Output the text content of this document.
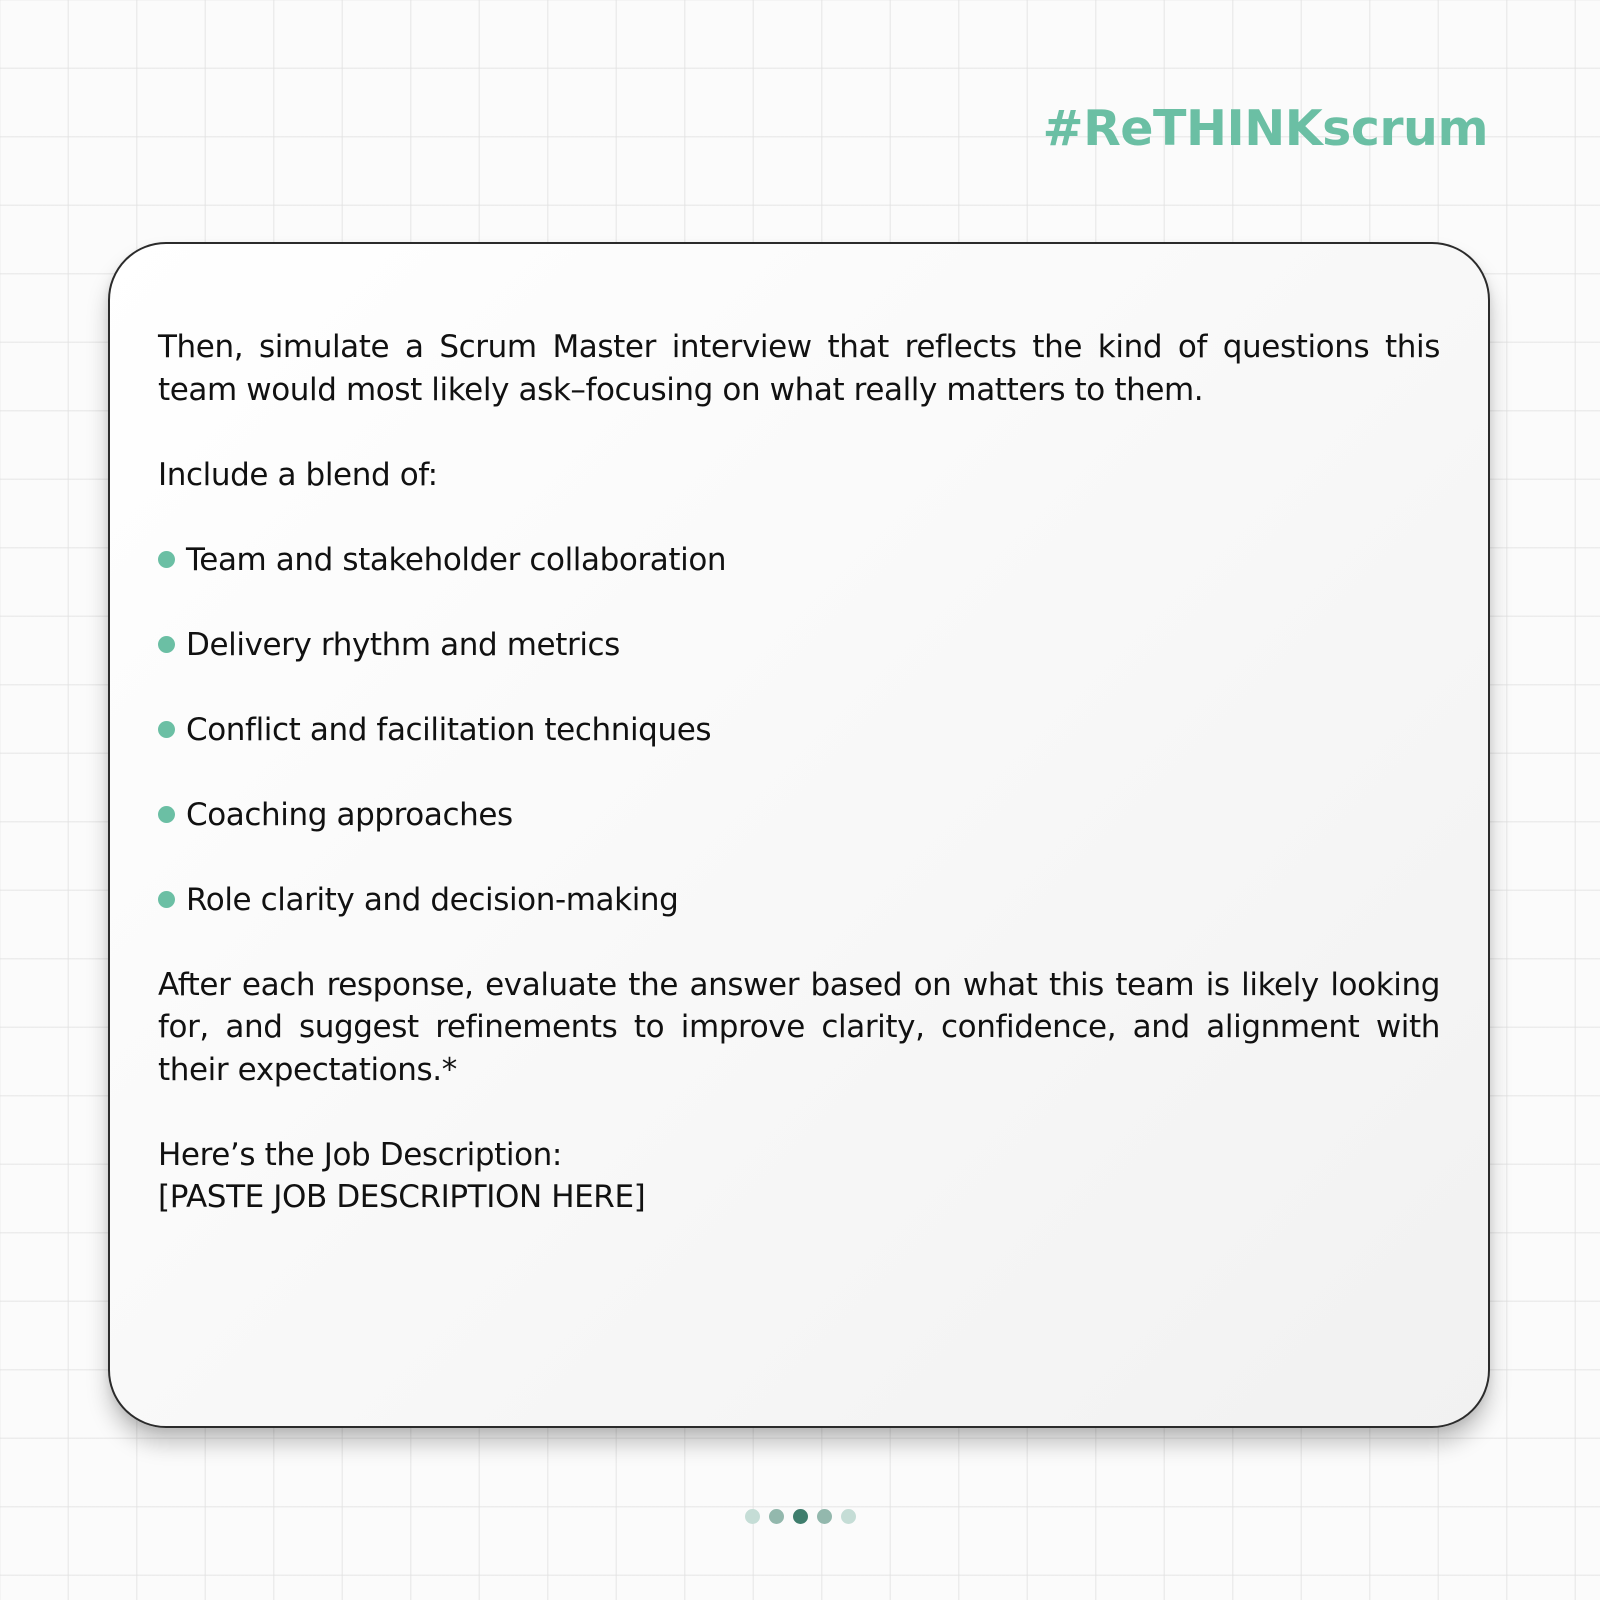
#ReTHINKscrum

Then, simulate a Scrum Master interview that reflects the kind of questions this team would most likely ask–focusing on what really matters to them.

Include a blend of:

Team and stakeholder collaboration
Delivery rhythm and metrics
Conflict and facilitation techniques
Coaching approaches
Role clarity and decision-making

After each response, evaluate the answer based on what this team is likely looking for, and suggest refinements to improve clarity, confidence, and alignment with their expectations.*

Here’s the Job Description:
[PASTE JOB DESCRIPTION HERE]
